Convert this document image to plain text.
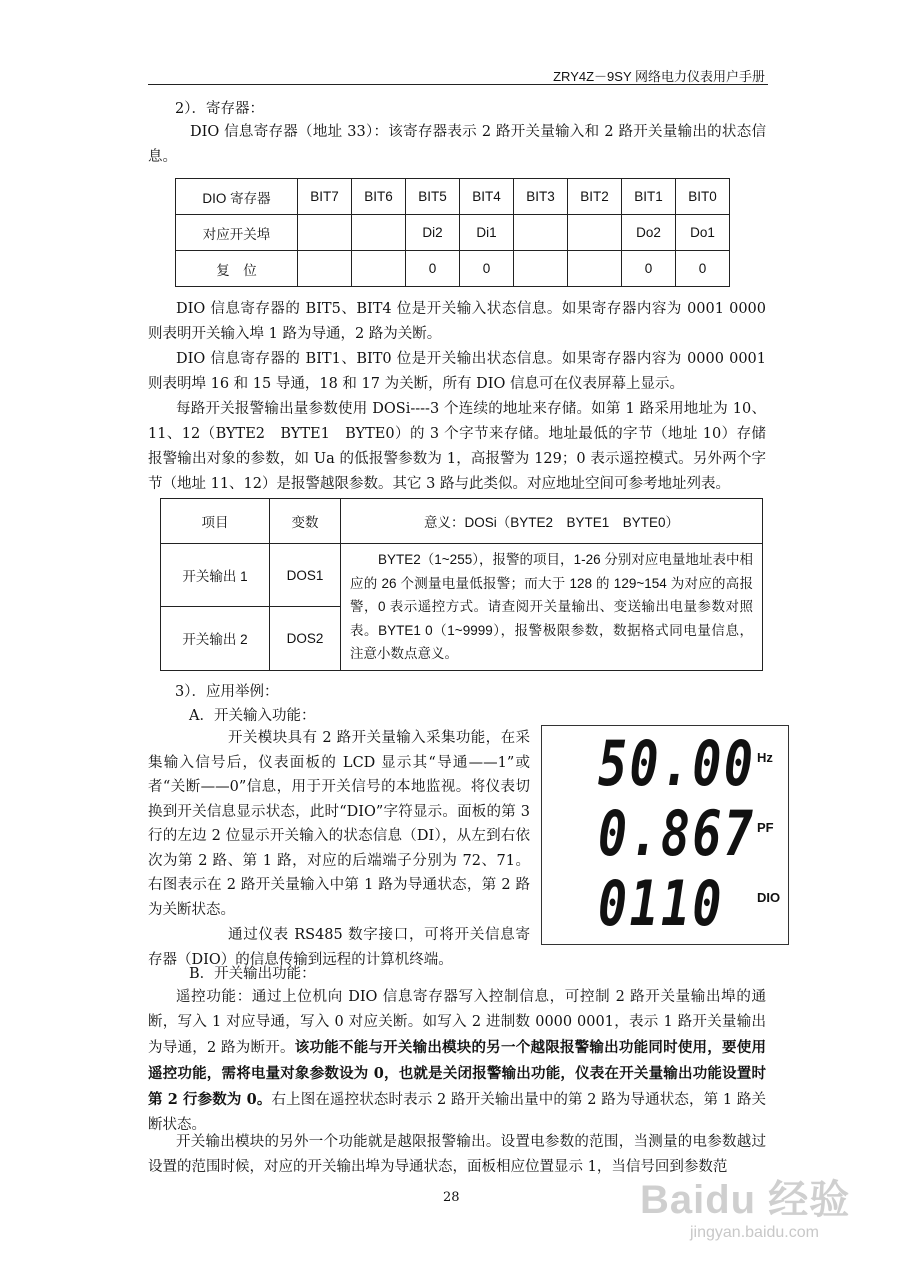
ZRY4Z－9SY 网络电力仪表用户手册
2）．寄存器：
DIO 信息寄存器（地址 33）：该寄存器表示 2 路开关量输入和 2 路开关量输出的状态信息。
DIO 寄存器	BIT7	BIT6	BIT5	BIT4	BIT3	BIT2	BIT1	BIT0
对应开关埠			Di2	Di1			Do2	Do1
复　位			0	0			0	0
DIO 信息寄存器的 BIT5、BIT4 位是开关输入状态信息。如果寄存器内容为 0001 0000 则表明开关输入埠 1 路为导通，2 路为关断。
DIO 信息寄存器的 BIT1、BIT0 位是开关输出状态信息。如果寄存器内容为 0000 0001 则表明埠 16 和 15 导通，18 和 17 为关断，所有 DIO 信息可在仪表屏幕上显示。
每路开关报警输出量参数使用 DOSi----3 个连续的地址来存储。如第 1 路采用地址为 10、11、12（BYTE2　BYTE1　BYTE0）的 3 个字节来存储。地址最低的字节（地址 10）存储报警输出对象的参数，如 Ua 的低报警参数为 1，高报警为 129；0 表示遥控模式。另外两个字节（地址 11、12）是报警越限参数。其它 3 路与此类似。对应地址空间可参考地址列表。
项目	变数	意义：DOSi（BYTE2　BYTE1　BYTE0）
开关输出 1	DOS1	BYTE2（1~255），报警的项目，1-26 分别对应电量地址表中相应的 26 个测量电量低报警；而大于 128 的 129~154 为对应的高报警，0 表示遥控方式。请查阅开关量输出、变送输出电量参数对照表。BYTE1 0（1~9999），报警极限参数，数据格式同电量信息，注意小数点意义。

开关输出 2	DOS2	
3）．应用举例：
A．开关输入功能：
开关模块具有 2 路开关量输入采集功能，在采集输入信号后，仪表面板的 LCD 显示其“导通——1”或者“关断——0”信息，用于开关信号的本地监视。将仪表切换到开关信息显示状态，此时“DIO”字符显示。面板的第 3 行的左边 2 位显示开关输入的状态信息（DI），从左到右依次为第 2 路、第 1 路，对应的后端端子分别为 72、71。右图表示在 2 路开关量输入中第 1 路为导通状态，第 2 路为关断状态。
通过仪表 RS485 数字接口，可将开关信息寄存器（DIO）的信息传输到远程的计算机终端。
50.00 Hz
0.867 PF
0110	DIO
B．开关输出功能：
遥控功能：通过上位机向 DIO 信息寄存器写入控制信息，可控制 2 路开关量输出埠的通断，写入 1 对应导通，写入 0 对应关断。如写入 2 进制数 0000 0001，表示 1 路开关量输出为导通，2 路为断开。该功能不能与开关输出模块的另一个越限报警输出功能同时使用，要使用遥控功能，需将电量对象参数设为 0，也就是关闭报警输出功能，仪表在开关量输出功能设置时第 2 行参数为 0。右上图在遥控状态时表示 2 路开关输出量中的第 2 路为导通状态，第 1 路关断状态。
开关输出模块的另外一个功能就是越限报警输出。设置电参数的范围，当测量的电参数越过设置的范围时候，对应的开关输出埠为导通状态，面板相应位置显示 1，当信号回到参数范
28	Baidu 经验
jingyan.baidu.com
